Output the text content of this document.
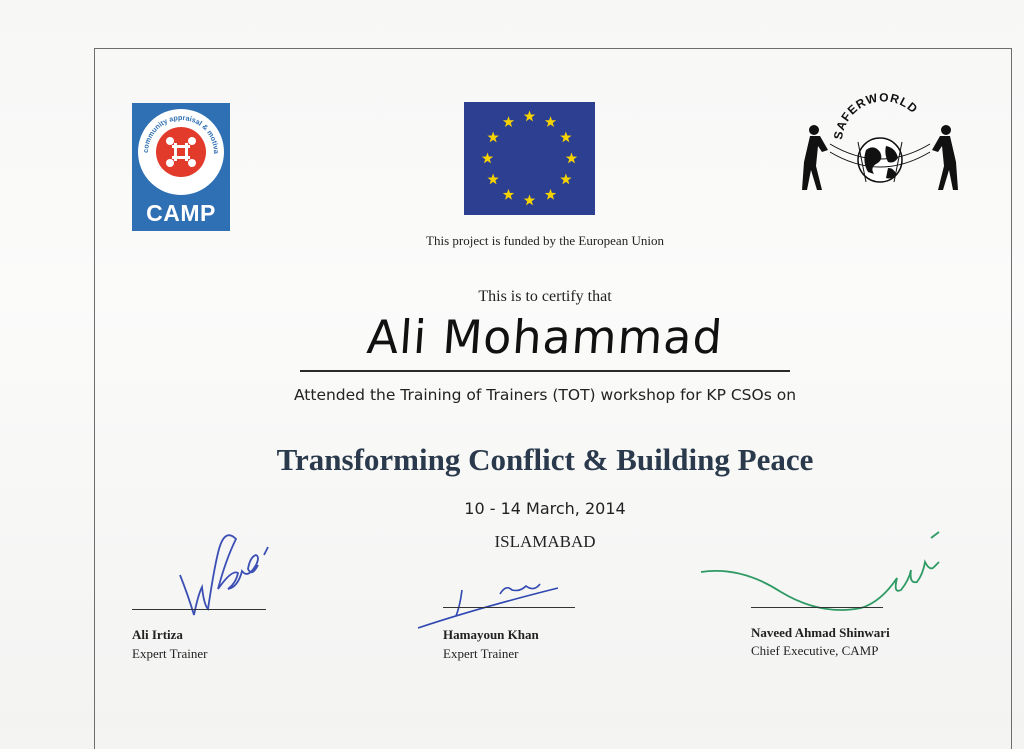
community appraisal & motivation programme
CAMP
This project is funded by the European Union
SAFERWORLD
This is to certify that
Ali Mohammad
Attended the Training of Trainers (TOT) workshop for KP CSOs on
Transforming Conflict & Building Peace
10 - 14 March, 2014
ISLAMABAD
Ali Irtiza
Expert Trainer
Hamayoun Khan
Expert Trainer
Naveed Ahmad Shinwari
Chief Executive, CAMP
